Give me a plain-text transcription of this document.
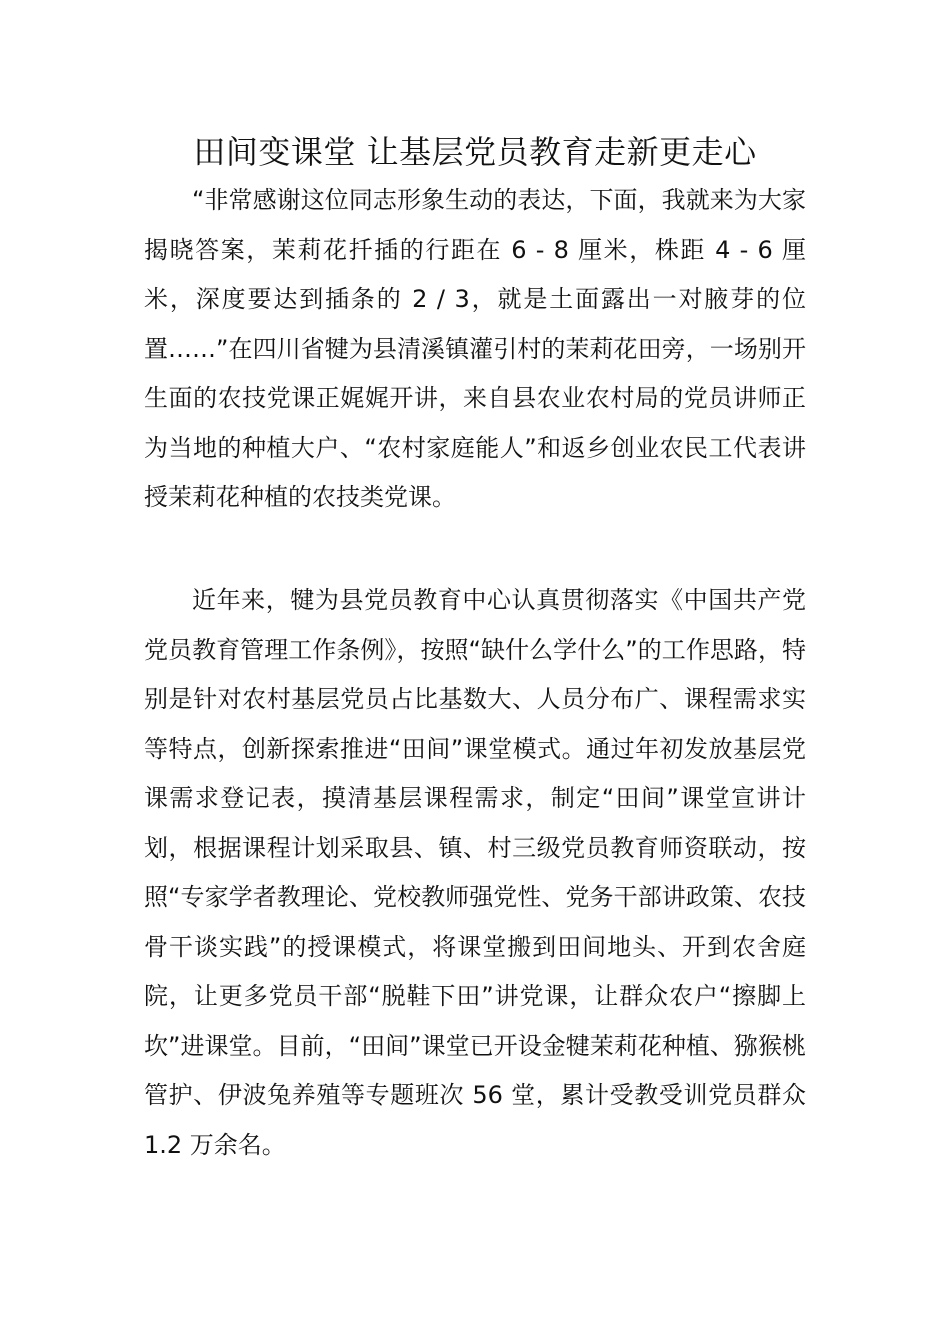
田间变课堂 让基层党员教育走新更走心

“非常感谢这位同志形象生动的表达，下面，我就来为大家揭晓答案，茉莉花扦插的行距在 6 - 8 厘米，株距 4 - 6 厘米，深度要达到插条的 2 / 3，就是土面露出一对腋芽的位置……”在四川省犍为县清溪镇灌引村的茉莉花田旁，一场别开生面的农技党课正娓娓开讲，来自县农业农村局的党员讲师正为当地的种植大户、“农村家庭能人”和返乡创业农民工代表讲授茉莉花种植的农技类党课。

近年来，犍为县党员教育中心认真贯彻落实《中国共产党党员教育管理工作条例》，按照“缺什么学什么”的工作思路，特别是针对农村基层党员占比基数大、人员分布广、课程需求实等特点，创新探索推进“田间”课堂模式。通过年初发放基层党课需求登记表，摸清基层课程需求，制定“田间”课堂宣讲计划，根据课程计划采取县、镇、村三级党员教育师资联动，按照“专家学者教理论、党校教师强党性、党务干部讲政策、农技骨干谈实践”的授课模式，将课堂搬到田间地头、开到农舍庭院，让更多党员干部“脱鞋下田”讲党课，让群众农户“擦脚上坎”进课堂。目前，“田间”课堂已开设金犍茉莉花种植、猕猴桃管护、伊波兔养殖等专题班次 56 堂，累计受教受训党员群众 1.2 万余名。
